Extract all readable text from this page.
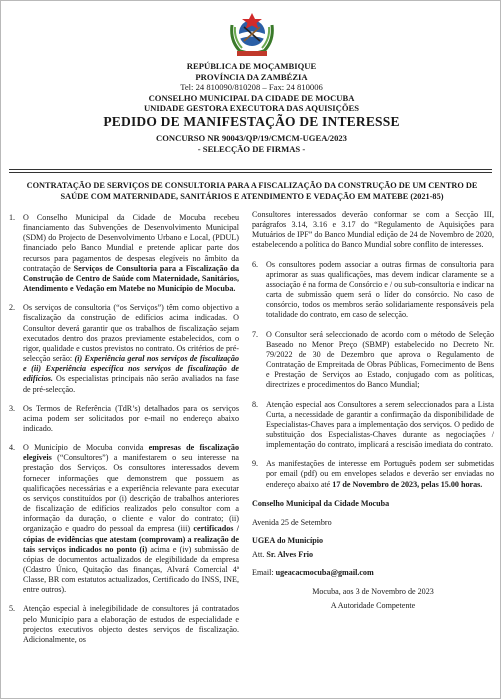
REPÚBLICA DE MOÇAMBIQUE
PROVÍNCIA DA ZAMBÉZIA
Tel: 24 810090/810208 – Fax: 24 810006
CONSELHO MUNICIPAL DA CIDADE DE MOCUBA
UNIDADE GESTORA EXECUTORA DAS AQUISIÇÕES
PEDIDO DE MANIFESTAÇÃO DE INTERESSE
CONCURSO NR 90043/QP/19/CMCM-UGEA/2023
- SELECÇÃO DE FIRMAS -
CONTRATAÇÃO DE SERVIÇOS DE CONSULTORIA PARA A FISCALIZAÇÃO DA CONSTRUÇÃO DE UM CENTRO DE SAÚDE COM MATERNIDADE, SANITÁRIOS E ATENDIMENTO E VEDAÇÃO EM MATEBE (2021-85)
1. O Conselho Municipal da Cidade de Mocuba recebeu financiamento das Subvenções de Desenvolvimento Municipal (SDM) do Projecto de Desenvolvimento Urbano e Local, (PDUL) financiado pelo Banco Mundial e pretende aplicar parte dos recursos para pagamentos de despesas elegíveis no âmbito da contratação de Serviços de Consultoria para a Fiscalização da Construção de Centro de Saúde com Maternidade, Sanitários, Atendimento e Vedação em Matebe no Município de Mocuba.
2. Os serviços de consultoria (“os Serviços”) têm como objectivo a fiscalização da construção de edifícios acima indicadas. O Consultor deverá garantir que os trabalhos de fiscalização sejam executados dentro dos prazos previamente estabelecidos, com o rigor, qualidade e custos previstos no contrato. Os critérios de pré-selecção serão: (i) Experiência geral nos serviços de fiscalização e (ii) Experiência específica nos serviços de fiscalização de edifícios. Os especialistas principais não serão avaliados na fase de pré-selecção.
3. Os Termos de Referência (TdR’s) detalhados para os serviços acima podem ser solicitados por e-mail no endereço abaixo indicado.
4. O Município de Mocuba convida empresas de fiscalização elegíveis (“Consultores”) a manifestarem o seu interesse na prestação dos Serviços. Os consultores interessados devem fornecer informações que demonstrem que possuem as qualificações necessárias e a experiência relevante para executar os serviços constituídos por (i) descrição de trabalhos anteriores de fiscalização de edifícios realizados pelo consultor com a informação da duração, o cliente e valor do contrato; (ii) organização e quadro do pessoal da empresa (iii) certificados / cópias de evidências que atestam (comprovam) a realização de tais serviços indicados no ponto (i) acima e (iv) submissão de cópias de documentos actualizados de elegibilidade da empresa (Cdastro Único, Quitação das finanças, Alvará Comercial 4ª Classe, BR com estatutos actualizados, Certificado do INSS, INE, entre outros).
5. Atenção especial à inelegibilidade de consultores já contratados pelo Município para a elaboração de estudos de especialidade e projectos executivos objecto destes serviços de fiscalização. Adicionalmente, os

Consultores interessados deverão conformar se com a Secção III, parágrafos 3.14, 3.16 e 3.17 do “Regulamento de Aquisições para Mutuários de IPF” do Banco Mundial edição de 24 de Novembro de 2020, estabelecendo a política do Banco Mundial sobre conflito de interesses.

6. Os consultores podem associar a outras firmas de consultoria para aprimorar as suas qualificações, mas devem indicar claramente se a associação é na forma de Consórcio e / ou sub-consultoria e indicar na carta de submissão quem será o líder do consórcio. No caso de consórcio, todos os membros serão solidariamente responsáveis pela totalidade do contrato, em caso de selecção.
7. O Consultor será seleccionado de acordo com o método de Seleção Baseado no Menor Preço (SBMP) estabelecido no Decreto Nr. 79/2022 de 30 de Dezembro que aprova o Regulamento de Contratação de Empreitada de Obras Públicas, Fornecimento de Bens e Prestação de Serviços ao Estado, conjugado com as políticas, directrizes e procedimentos do Banco Mundial;
8. Atenção especial aos Consultores a serem seleccionados para a Lista Curta, a necessidade de garantir a confirmação da disponibilidade de Especialistas-Chaves para a implementação dos serviços. O pedido de substituição dos Especialistas-Chaves durante as negociações / implementação do contrato, implicará a rescisão imediata do contrato.
9. As manifestações de interesse em Português podem ser submetidas por email (pdf) ou em envelopes selados e deverão ser enviadas no endereço abaixo até 17 de Novembro de 2023, pelas 15.00 horas.

Conselho Municipal da Cidade Mocuba

Avenida 25 de Setembro

UGEA do Município

Att. Sr. Alves Frio

Email: ugeacacmocuba@gmail.com

Mocuba, aos 3 de Novembro de 2023

A Autoridade Competente
